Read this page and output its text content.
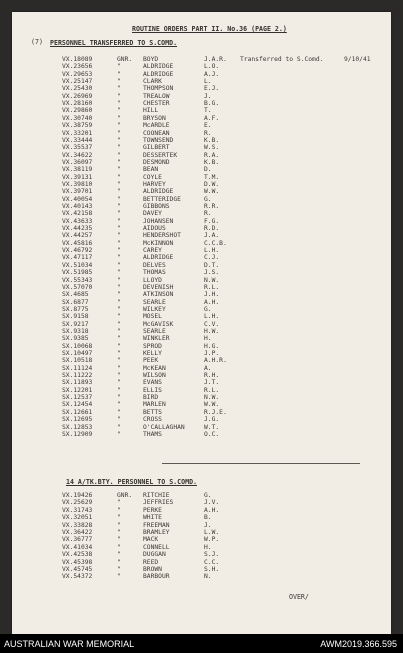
ROUTINE ORDERS PART II. No.36 (PAGE 2.)
(7) PERSONNEL TRANSFERRED TO S.COMD.
VX.18089	GNR. BOYD	J.A.R. Transferred to S.Comd.	9/10/41
VX.23656	"	ALDRIDGE	L.O.
VX.29653	"	ALDRIDGE	A.J.
VX.25147	"	CLARK	L.
VX.25430	"	THOMPSON	E.J.
VX.26969	"	TREALOW	J.
VX.28160	"	CHESTER	B.G.
VX.29860	"	HILL	T.
VX.30740	"	BRYSON	A.F.
VX.38759	"	McARDLE	E.
VX.33201	"	COONEAN	R.
VX.33444	"	TOWNSEND	K.B.
VX.35537	"	GILBERT	W.S.
VX.34622	"	DESSERTEK	R.A.
VX.36097	"	DESMOND	K.B.
VX.38119	"	BEAN	D.
VX.39131	"	COYLE	T.M.
VX.39810	"	HARVEY	D.W.
VX.39701	"	ALDRIDGE	W.W.
VX.40054	"	BETTERIDGE	G.
VX.40143	"	GIBBONS	R.R.
VX.42158	"	DAVEY	R.
VX.43633	"	JOHANSEN	F.G.
VX.44235	"	AIDOUS	R.D.
VX.44257	"	HENDERSHOT	J.A.
VX.45816	"	McKINNON	C.C.B.
VX.46792	"	CAREY	L.H.
VX.47117	"	ALDRIDGE	C.J.
VX.51034	"	DELVES	D.T.
VX.51985	"	THOMAS	J.S.
VX.55343	"	LLOYD	N.W.
VX.57070	"	DEVENISH	R.L.
SX.4685	"	ATKINSON	J.H.
SX.6877	"	SEARLE	A.H.
SX.8775	"	WILKEY	G.
SX.9158	"	MOSEL	L.H.
SX.9217	"	McGAVISK	C.V.
SX.9318	"	SEARLE	H.W.
SX.9385	"	WINKLER	H.
SX.10068	"	SPROD	H.G.
SX.10497	"	KELLY	J.P.
SX.10518	"	PEEK	A.H.R.
SX.11124	"	McKEAN	A.
SX.11222	"	WILSON	R.H.
SX.11893	"	EVANS	J.T.
SX.12201	"	ELLIS	R.L.
SX.12537	"	BIRD	N.W.
SX.12454	"	MARLEN	W.W.
SX.12661	"	BETTS	R.J.E.
SX.12695	"	CROSS	J.G.
SX.12853	"	O'CALLAGHAN	W.T.
SX.12909	"	THAMS	O.C.
14 A/TK.BTY. PERSONNEL TO S.COMD.
VX.19426	GNR. RITCHIE	G.
VX.25629	"	JEFFRIES	J.V.
VX.31743	"	PERKE	A.H.
VX.32051	"	WHITE	B.
VX.33828	"	FREEMAN	J.
VX.36422	"	BRAMLEY	L.W.
VX.36777	"	MACK	W.P.
VX.41034	"	CONNELL	H.
VX.42538	"	DUGGAN	S.J.
VX.45398	"	REED	C.C.
VX.45745	"	BROWN	S.H.
VX.54372	"	BARBOUR	N.
OVER/
AUSTRALIAN WAR MEMORIAL	AWM2019.366.595
